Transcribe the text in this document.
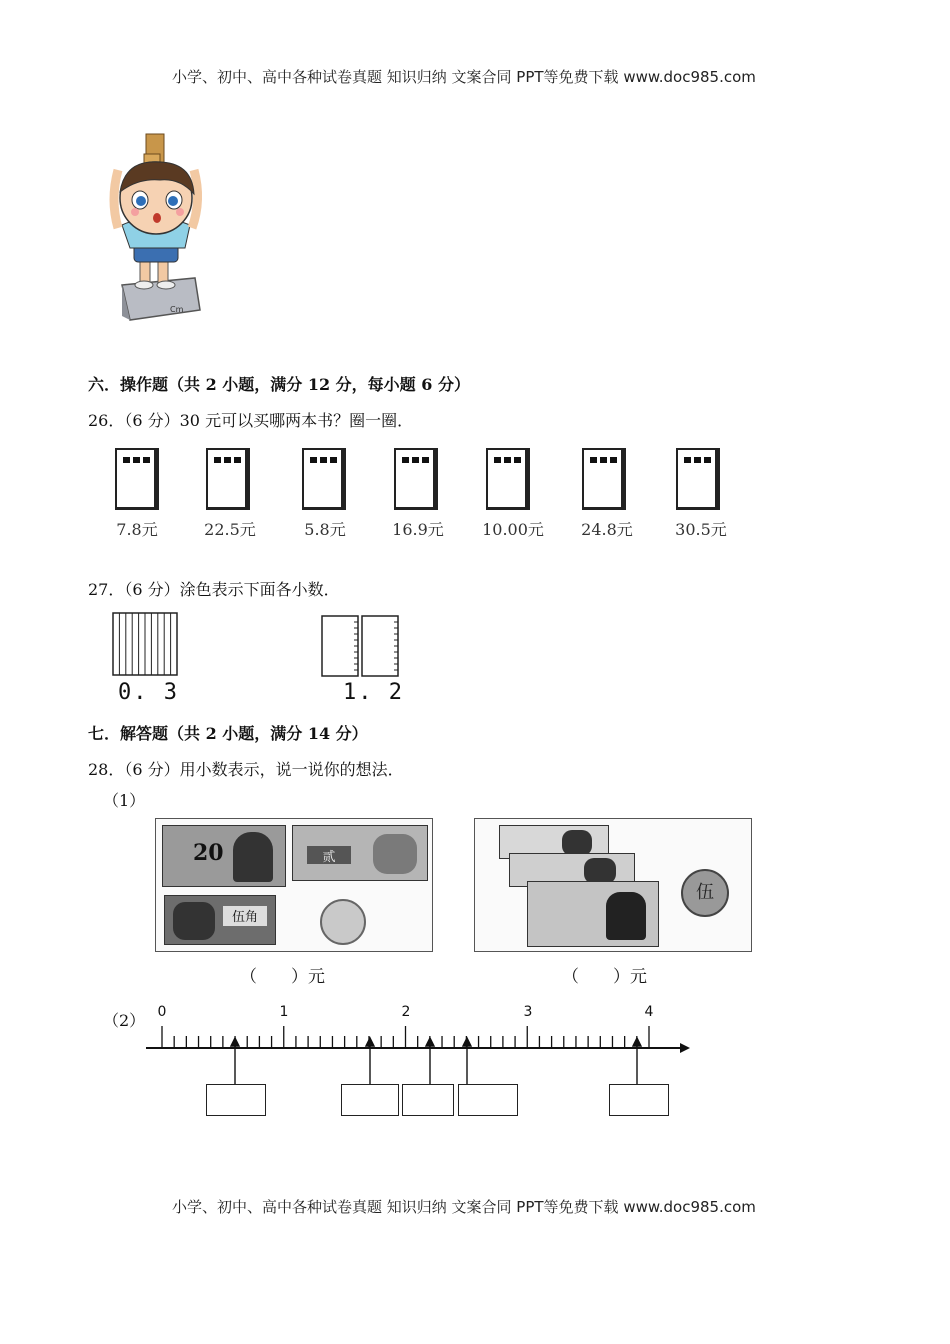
小学、初中、高中各种试卷真题 知识归纳 文案合同 PPT等免费下载 www.doc985.com
Cm
六．操作题（共 2 小题，满分 12 分，每小题 6 分）
26．（6 分）30 元可以买哪两本书？圈一圈．
7.8元	22.5元	5.8元	16.9元	10.00元	24.8元	30.5元
27．（6 分）涂色表示下面各小数．
0. 3	1. 2
七．解答题（共 2 小题，满分 14 分）
28．（6 分）用小数表示，说一说你的想法．
（1）
20	贰
伍角
（　　）元
伍
（　　）元
（2） 0	1	2	3	4
小学、初中、高中各种试卷真题 知识归纳 文案合同 PPT等免费下载 www.doc985.com
